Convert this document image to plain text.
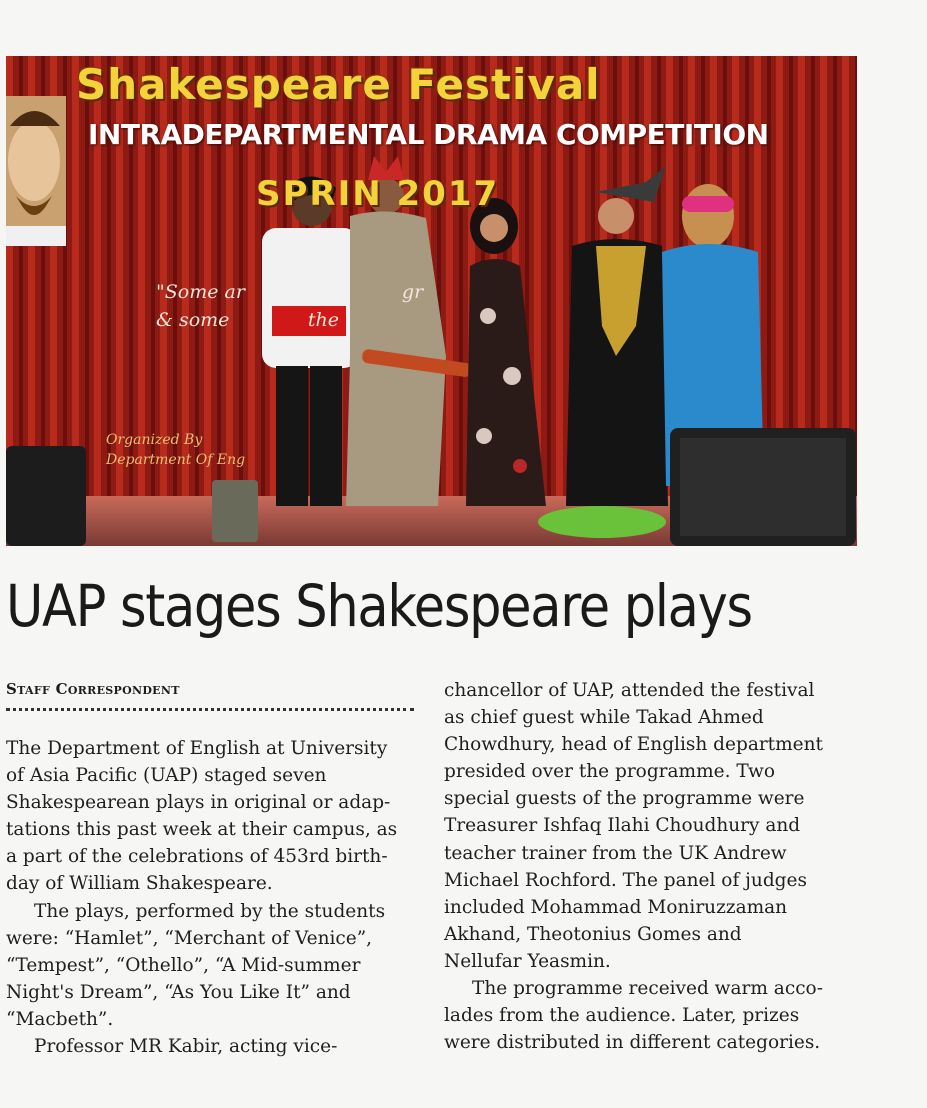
Shakespeare Festival
INTRADEPARTMENTAL DRAMA COMPETITION
SPRIN 2017
"Some ar                          gr
& some             the
Organized By
Department Of Eng
UAP stages Shakespeare plays
Staff Correspondent

The Department of English at University

of Asia Pacific (UAP) staged seven

Shakespearean plays in original or adap-

tations this past week at their campus, as

a part of the celebrations of 453rd birth-

day of William Shakespeare.

The plays, performed by the students

were: “Hamlet”, “Merchant of Venice”,

“Tempest”, “Othello”, “A Mid-summer

Night's Dream”, “As You Like It” and

“Macbeth”.

Professor MR Kabir, acting vice-

chancellor of UAP, attended the festival

as chief guest while Takad Ahmed

Chowdhury, head of English department

presided over the programme. Two

special guests of the programme were

Treasurer Ishfaq Ilahi Choudhury and

teacher trainer from the UK Andrew

Michael Rochford. The panel of judges

included Mohammad Moniruzzaman

Akhand, Theotonius Gomes and

Nellufar Yeasmin.

The programme received warm acco-

lades from the audience. Later, prizes

were distributed in different categories.
